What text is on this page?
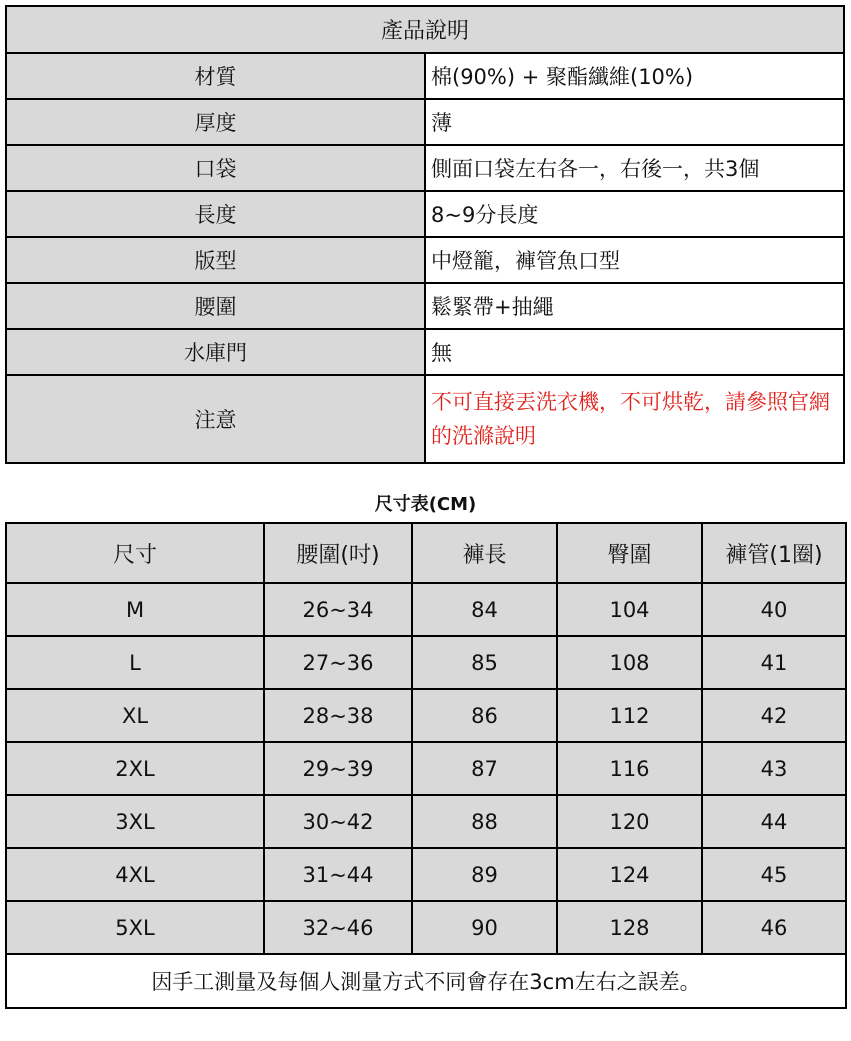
產品說明	
材質	棉(90%) + 聚酯纖維(10%)
厚度	薄
口袋	側面口袋左右各一，右後一，共3個
長度	8~9分長度
版型	中燈籠，褲管魚口型
腰圍	鬆緊帶+抽繩
水庫門	無
注意	不可直接丟洗衣機，不可烘乾，請參照官網的洗滌說明
尺寸表(CM)
尺寸	腰圍(吋)	褲長	臀圍	褲管(1圈)
M	26~34	84	104	40
L	27~36	85	108	41
XL	28~38	86	112	42
2XL	29~39	87	116	43
3XL	30~42	88	120	44
4XL	31~44	89	124	45
5XL	32~46	90	128	46
因手工測量及每個人測量方式不同會存在3cm左右之誤差。				
